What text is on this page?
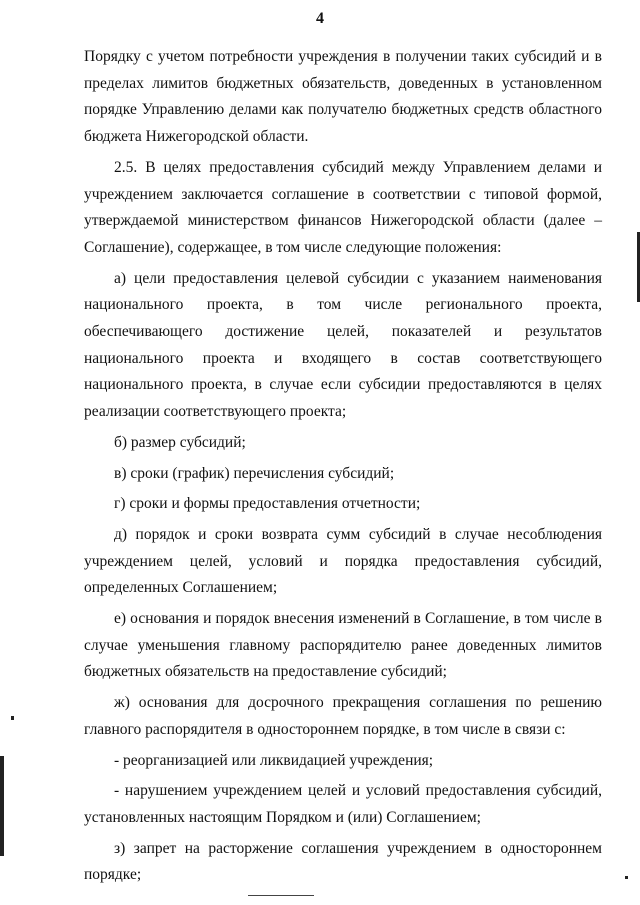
4

Порядку с учетом потребности учреждения в получении таких субсидий и в пределах лимитов бюджетных обязательств, доведенных в установленном порядке Управлению делами как получателю бюджетных средств областного бюджета Нижегородской области.

2.5. В целях предоставления субсидий между Управлением делами и учреждением заключается соглашение в соответствии с типовой формой, утверждаемой министерством финансов Нижегородской области (далее – Соглашение), содержащее, в том числе следующие положения:

а) цели предоставления целевой субсидии с указанием наименования национального проекта, в том числе регионального проекта, обеспечивающего достижение целей, показателей и результатов национального проекта и входящего в состав соответствующего национального проекта, в случае если субсидии предоставляются в целях реализации соответствующего проекта;

б) размер субсидий;

в) сроки (график) перечисления субсидий;

г) сроки и формы предоставления отчетности;

д) порядок и сроки возврата сумм субсидий в случае несоблюдения учреждением целей, условий и порядка предоставления субсидий, определенных Соглашением;

е) основания и порядок внесения изменений в Соглашение, в том числе в случае уменьшения главному распорядителю ранее доведенных лимитов бюджетных обязательств на предоставление субсидий;

ж) основания для досрочного прекращения соглашения по решению главного распорядителя в одностороннем порядке, в том числе в связи с:

- реорганизацией или ликвидацией учреждения;

- нарушением учреждением целей и условий предоставления субсидий, установленных настоящим Порядком и (или) Соглашением;

з) запрет на расторжение соглашения учреждением в одностороннем порядке;
